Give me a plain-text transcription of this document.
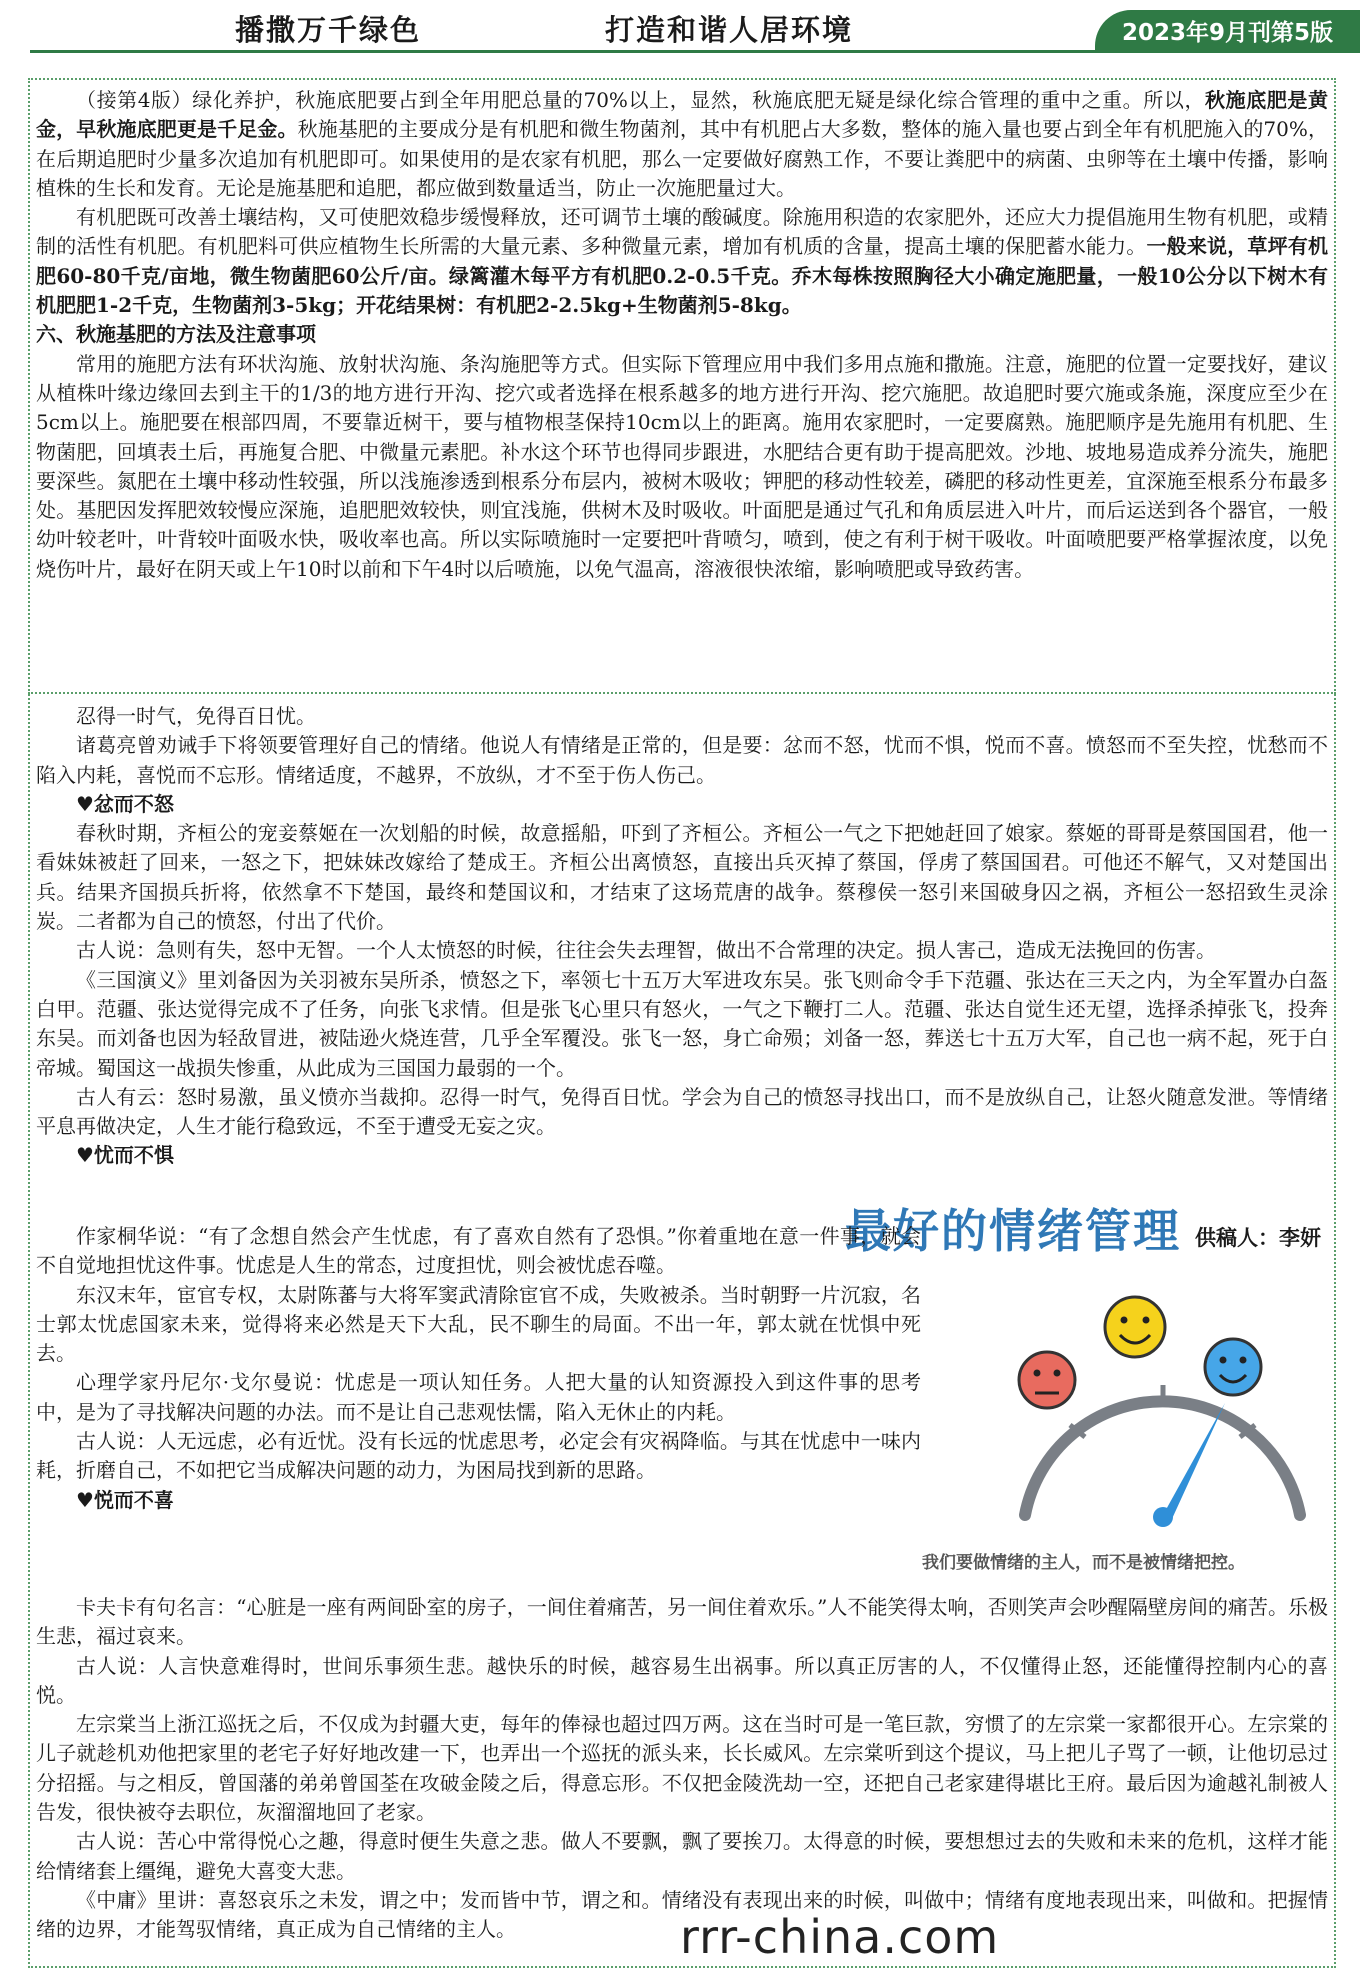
播撒万千绿色	打造和谐人居环境	2023年9月刊第5版

（接第4版）绿化养护，秋施底肥要占到全年用肥总量的70%以上，显然，秋施底肥无疑是绿化综合管理的重中之重。所以，秋施底肥是黄金，早秋施底肥更是千足金。秋施基肥的主要成分是有机肥和微生物菌剂，其中有机肥占大多数，整体的施入量也要占到全年有机肥施入的70%，在后期追肥时少量多次追加有机肥即可。如果使用的是农家有机肥，那么一定要做好腐熟工作，不要让粪肥中的病菌、虫卵等在土壤中传播，影响植株的生长和发育。无论是施基肥和追肥，都应做到数量适当，防止一次施肥量过大。

有机肥既可改善土壤结构，又可使肥效稳步缓慢释放，还可调节土壤的酸碱度。除施用积造的农家肥外，还应大力提倡施用生物有机肥，或精制的活性有机肥。有机肥料可供应植物生长所需的大量元素、多种微量元素，增加有机质的含量，提高土壤的保肥蓄水能力。一般来说，草坪有机肥60-80千克/亩地，微生物菌肥60公斤/亩。绿篱灌木每平方有机肥0.2-0.5千克。乔木每株按照胸径大小确定施肥量，一般10公分以下树木有机肥肥1-2千克，生物菌剂3-5kg；开花结果树：有机肥2-2.5kg+生物菌剂5-8kg。

六、秋施基肥的方法及注意事项

常用的施肥方法有环状沟施、放射状沟施、条沟施肥等方式。但实际下管理应用中我们多用点施和撒施。注意，施肥的位置一定要找好，建议从植株叶缘边缘回去到主干的1/3的地方进行开沟、挖穴或者选择在根系越多的地方进行开沟、挖穴施肥。故追肥时要穴施或条施，深度应至少在5cm以上。施肥要在根部四周，不要靠近树干，要与植物根茎保持10cm以上的距离。施用农家肥时，一定要腐熟。施肥顺序是先施用有机肥、生物菌肥，回填表土后，再施复合肥、中微量元素肥。补水这个环节也得同步跟进，水肥结合更有助于提高肥效。沙地、坡地易造成养分流失，施肥要深些。氮肥在土壤中移动性较强，所以浅施渗透到根系分布层内，被树木吸收；钾肥的移动性较差，磷肥的移动性更差，宜深施至根系分布最多处。基肥因发挥肥效较慢应深施，追肥肥效较快，则宜浅施，供树木及时吸收。叶面肥是通过气孔和角质层进入叶片，而后运送到各个器官，一般幼叶较老叶，叶背较叶面吸水快，吸收率也高。所以实际喷施时一定要把叶背喷匀，喷到，使之有利于树干吸收。叶面喷肥要严格掌握浓度，以免烧伤叶片，最好在阴天或上午10时以前和下午4时以后喷施，以免气温高，溶液很快浓缩，影响喷肥或导致药害。

忍得一时气，免得百日忧。

诸葛亮曾劝诫手下将领要管理好自己的情绪。他说人有情绪是正常的，但是要：忿而不怒，忧而不惧，悦而不喜。愤怒而不至失控，忧愁而不陷入内耗，喜悦而不忘形。情绪适度，不越界，不放纵，才不至于伤人伤己。

♥忿而不怒

春秋时期，齐桓公的宠妾蔡姬在一次划船的时候，故意摇船，吓到了齐桓公。齐桓公一气之下把她赶回了娘家。蔡姬的哥哥是蔡国国君，他一看妹妹被赶了回来，一怒之下，把妹妹改嫁给了楚成王。齐桓公出离愤怒，直接出兵灭掉了蔡国，俘虏了蔡国国君。可他还不解气，又对楚国出兵。结果齐国损兵折将，依然拿不下楚国，最终和楚国议和，才结束了这场荒唐的战争。蔡穆侯一怒引来国破身囚之祸，齐桓公一怒招致生灵涂炭。二者都为自己的愤怒，付出了代价。

古人说：急则有失，怒中无智。一个人太愤怒的时候，往往会失去理智，做出不合常理的决定。损人害己，造成无法挽回的伤害。

《三国演义》里刘备因为关羽被东吴所杀，愤怒之下，率领七十五万大军进攻东吴。张飞则命令手下范疆、张达在三天之内，为全军置办白盔白甲。范疆、张达觉得完成不了任务，向张飞求情。但是张飞心里只有怒火，一气之下鞭打二人。范疆、张达自觉生还无望，选择杀掉张飞，投奔东吴。而刘备也因为轻敌冒进，被陆逊火烧连营，几乎全军覆没。张飞一怒，身亡命殒；刘备一怒，葬送七十五万大军，自己也一病不起，死于白帝城。蜀国这一战损失惨重，从此成为三国国力最弱的一个。

古人有云：怒时易激，虽义愤亦当裁抑。忍得一时气，免得百日忧。学会为自己的愤怒寻找出口，而不是放纵自己，让怒火随意发泄。等情绪平息再做决定，人生才能行稳致远，不至于遭受无妄之灾。

♥忧而不惧

最好的情绪管理 供稿人：李妍

作家桐华说：“有了念想自然会产生忧虑，有了喜欢自然有了恐惧。”你着重地在意一件事，就会不自觉地担忧这件事。忧虑是人生的常态，过度担忧，则会被忧虑吞噬。

东汉末年，宦官专权，太尉陈蕃与大将军窦武清除宦官不成，失败被杀。当时朝野一片沉寂，名士郭太忧虑国家未来，觉得将来必然是天下大乱，民不聊生的局面。不出一年，郭太就在忧惧中死去。

心理学家丹尼尔·戈尔曼说：忧虑是一项认知任务。人把大量的认知资源投入到这件事的思考中，是为了寻找解决问题的办法。而不是让自己悲观怯懦，陷入无休止的内耗。

古人说：人无远虑，必有近忧。没有长远的忧虑思考，必定会有灾祸降临。与其在忧虑中一味内耗，折磨自己，不如把它当成解决问题的动力，为困局找到新的思路。

♥悦而不喜

我们要做情绪的主人，而不是被情绪把控。

卡夫卡有句名言：“心脏是一座有两间卧室的房子，一间住着痛苦，另一间住着欢乐。”人不能笑得太响，否则笑声会吵醒隔壁房间的痛苦。乐极生悲，福过哀来。

古人说：人言快意难得时，世间乐事须生悲。越快乐的时候，越容易生出祸事。所以真正厉害的人，不仅懂得止怒，还能懂得控制内心的喜悦。

左宗棠当上浙江巡抚之后，不仅成为封疆大吏，每年的俸禄也超过四万两。这在当时可是一笔巨款，穷惯了的左宗棠一家都很开心。左宗棠的儿子就趁机劝他把家里的老宅子好好地改建一下，也弄出一个巡抚的派头来，长长威风。左宗棠听到这个提议，马上把儿子骂了一顿，让他切忌过分招摇。与之相反，曾国藩的弟弟曾国荃在攻破金陵之后，得意忘形。不仅把金陵洗劫一空，还把自己老家建得堪比王府。最后因为逾越礼制被人告发，很快被夺去职位，灰溜溜地回了老家。

古人说：苦心中常得悦心之趣，得意时便生失意之悲。做人不要飘，飘了要挨刀。太得意的时候，要想想过去的失败和未来的危机，这样才能给情绪套上缰绳，避免大喜变大悲。

《中庸》里讲：喜怒哀乐之未发，谓之中；发而皆中节，谓之和。情绪没有表现出来的时候，叫做中；情绪有度地表现出来，叫做和。把握情绪的边界，才能驾驭情绪，真正成为自己情绪的主人。	rrr-china.com
